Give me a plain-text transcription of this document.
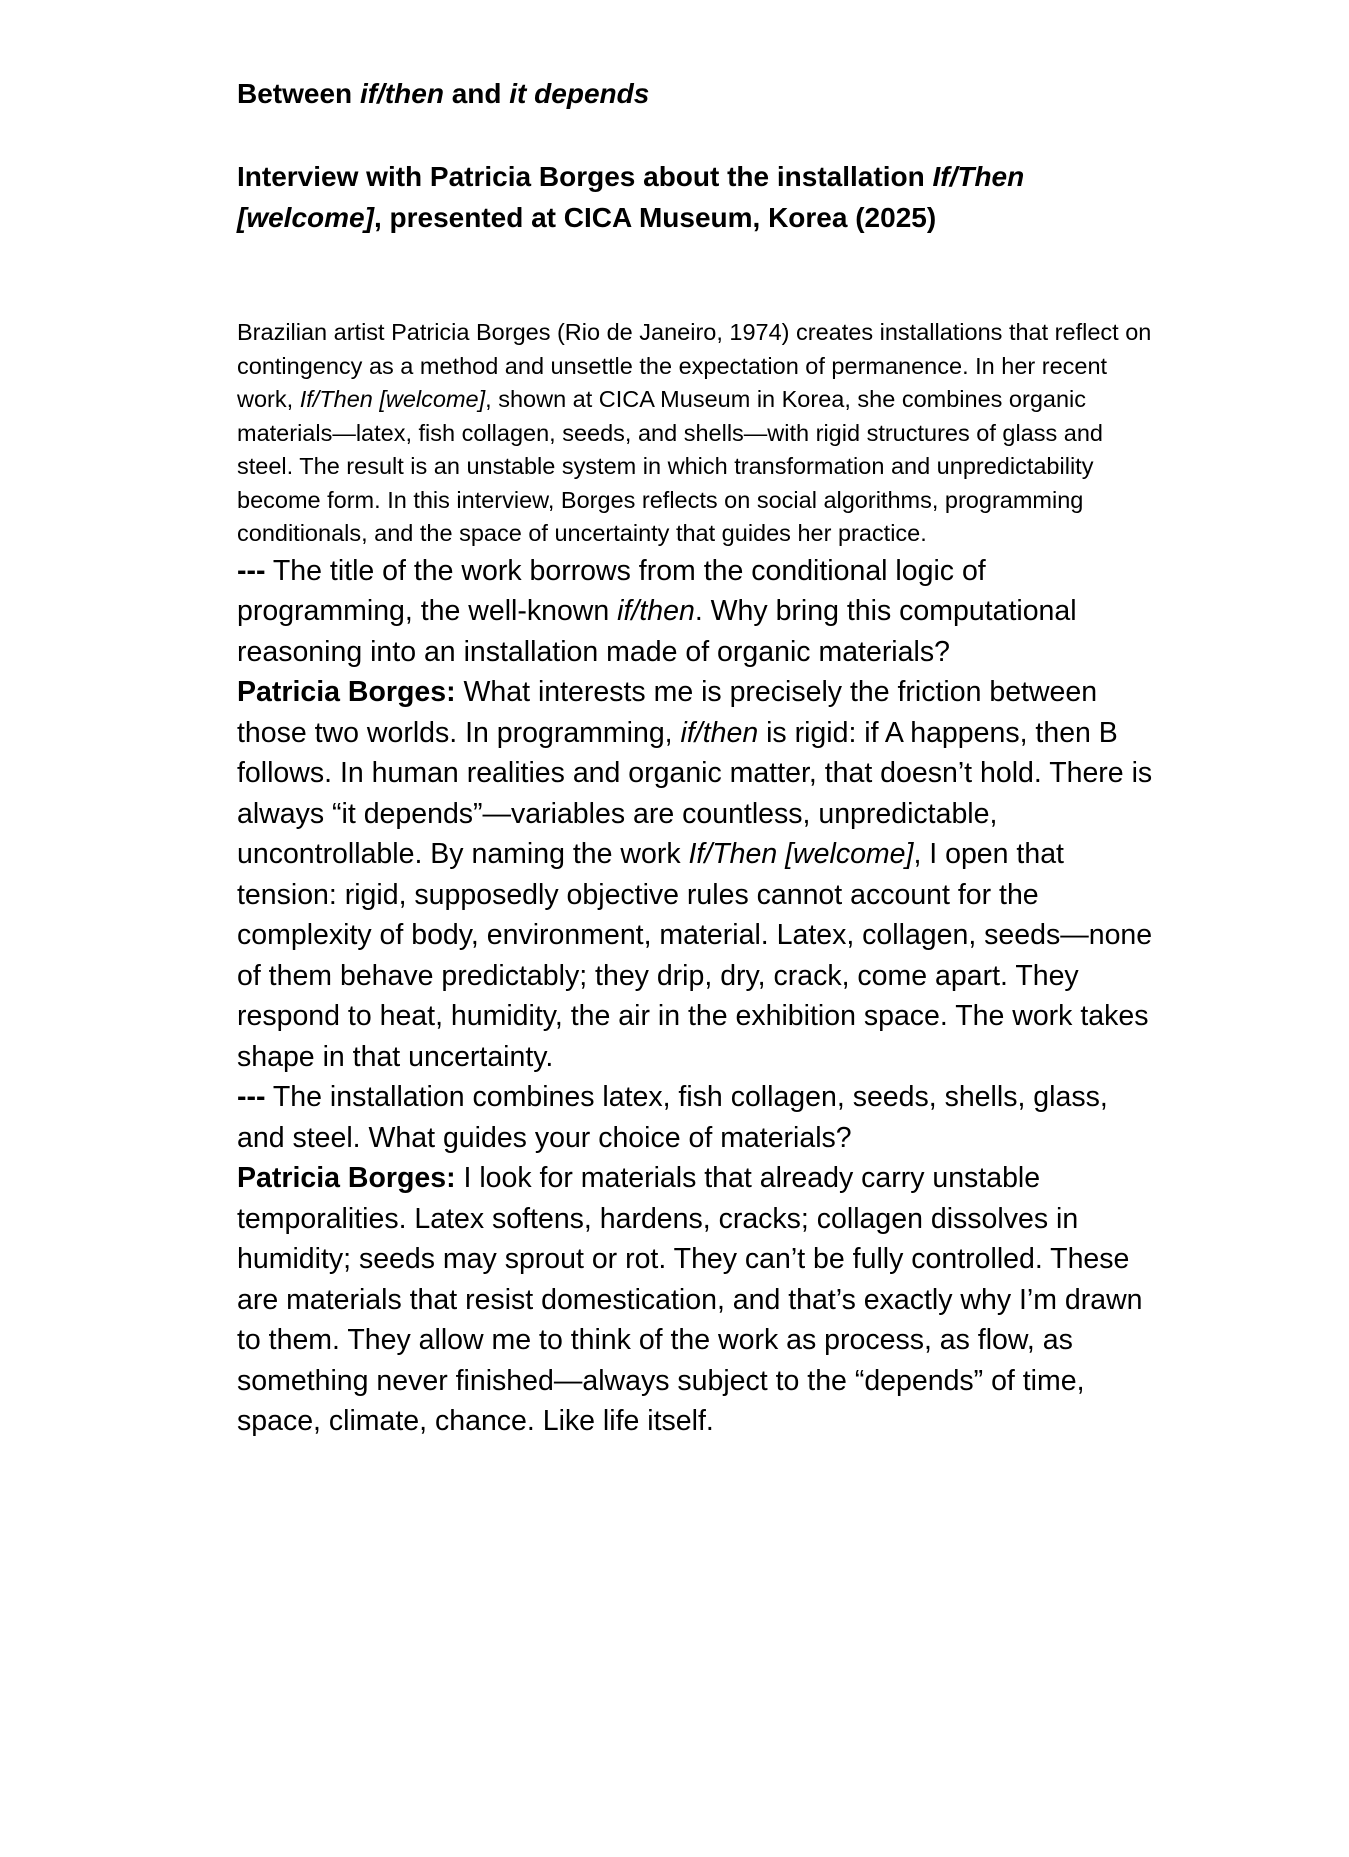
Between if/then and it depends
Interview with Patricia Borges about the installation If/Then [welcome], presented at CICA Museum, Korea (2025)

Brazilian artist Patricia Borges (Rio de Janeiro, 1974) creates installations that reflect on contingency as a method and unsettle the expectation of permanence. In her recent work, If/Then [welcome], shown at CICA Museum in Korea, she combines organic materials—latex, fish collagen, seeds, and shells—with rigid structures of glass and steel. The result is an unstable system in which transformation and unpredictability become form. In this interview, Borges reflects on social algorithms, programming conditionals, and the space of uncertainty that guides her practice.

--- The title of the work borrows from the conditional logic of programming, the well-known if/then. Why bring this computational reasoning into an installation made of organic materials?

Patricia Borges: What interests me is precisely the friction between those two worlds. In programming, if/then is rigid: if A happens, then B follows. In human realities and organic matter, that doesn’t hold. There is always “it depends”—variables are countless, unpredictable, uncontrollable. By naming the work If/Then [welcome], I open that tension: rigid, supposedly objective rules cannot account for the complexity of body, environment, material. Latex, collagen, seeds—none of them behave predictably; they drip, dry, crack, come apart. They respond to heat, humidity, the air in the exhibition space. The work takes shape in that uncertainty.

--- The installation combines latex, fish collagen, seeds, shells, glass, and steel. What guides your choice of materials?

Patricia Borges: I look for materials that already carry unstable temporalities. Latex softens, hardens, cracks; collagen dissolves in humidity; seeds may sprout or rot. They can’t be fully controlled. These are materials that resist domestication, and that’s exactly why I’m drawn to them. They allow me to think of the work as process, as flow, as something never finished—always subject to the “depends” of time, space, climate, chance. Like life itself.
